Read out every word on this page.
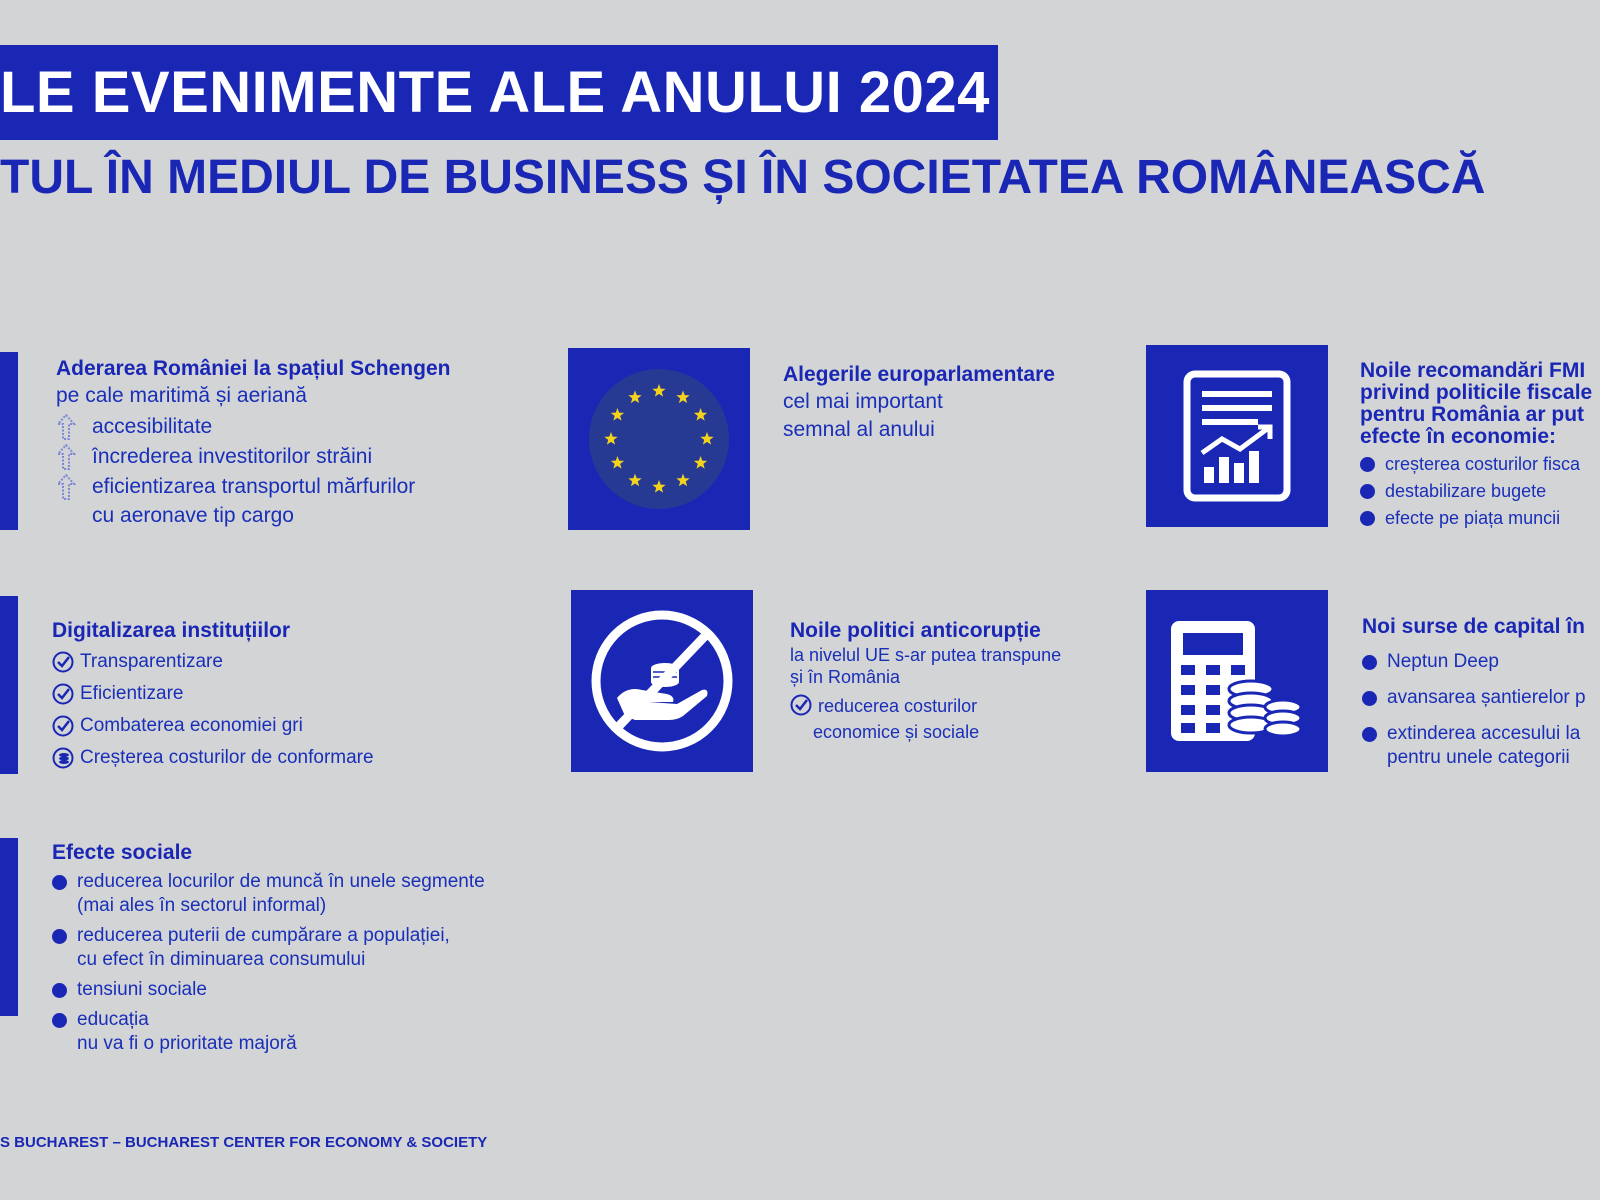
LE EVENIMENTE ALE ANULUI 2024
TUL ÎN MEDIUL DE BUSINESS ȘI ÎN SOCIETATEA ROMÂNEASCĂ
Aderarea României la spațiul Schengen
pe cale maritimă și aeriană
accesibilitate
încrederea investitorilor străini
eficientizarea transportul mărfurilor
cu aeronave tip cargo
Digitalizarea instituțiilor
Transparentizare
Eficientizare
Combaterea economiei gri
Creșterea costurilor de conformare
Efecte sociale
reducerea locurilor de muncă în unele segmente
(mai ales în sectorul informal)
reducerea puterii de cumpărare a populației,
cu efect în diminuarea consumului
tensiuni sociale
educația
nu va fi o prioritate majoră
Alegerile europarlamentare
cel mai important
semnal al anului
Noile politici anticorupție
la nivelul UE s-ar putea transpune
și în România
reducerea costurilor
economice și sociale
Noile recomandări FMI
privind politicile fiscale
pentru România ar put
efecte în economie:
creșterea costurilor fisca
destabilizare bugete
efecte pe piața muncii
Noi surse de capital în
Neptun Deep
avansarea șantierelor p
extinderea accesului la
pentru unele categorii
S BUCHAREST – BUCHAREST CENTER FOR ECONOMY & SOCIETY
